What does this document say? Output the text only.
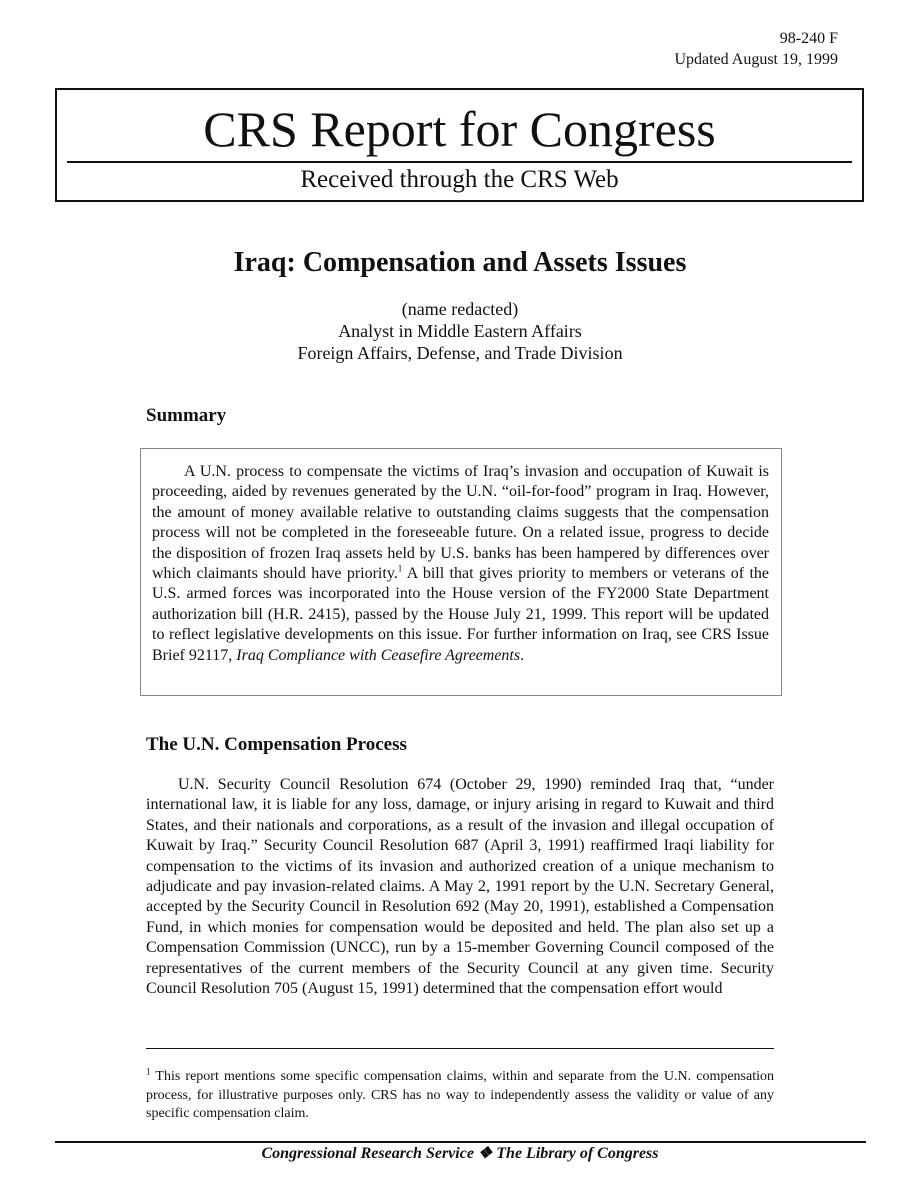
98-240 F
Updated August 19, 1999
CRS Report for Congress
Received through the CRS Web
Iraq: Compensation and Assets Issues
(name redacted)
Analyst in Middle Eastern Affairs
Foreign Affairs, Defense, and Trade Division
Summary

A U.N. process to compensate the victims of Iraq’s invasion and occupation of Kuwait is proceeding, aided by revenues generated by the U.N. “oil-for-food” program in Iraq. However, the amount of money available relative to outstanding claims suggests that the compensation process will not be completed in the foreseeable future. On a related issue, progress to decide the disposition of frozen Iraq assets held by U.S. banks has been hampered by differences over which claimants should have priority.$^1$ A bill that gives priority to members or veterans of the U.S. armed forces was incorporated into the House version of the FY2000 State Department authorization bill (H.R. 2415), passed by the House July 21, 1999. This report will be updated to reflect legislative developments on this issue. For further information on Iraq, see CRS Issue Brief 92117, Iraq Compliance with Ceasefire Agreements.

The U.N. Compensation Process

U.N. Security Council Resolution 674 (October 29, 1990) reminded Iraq that, “under international law, it is liable for any loss, damage, or injury arising in regard to Kuwait and third States, and their nationals and corporations, as a result of the invasion and illegal occupation of Kuwait by Iraq.” Security Council Resolution 687 (April 3, 1991) reaffirmed Iraqi liability for compensation to the victims of its invasion and authorized creation of a unique mechanism to adjudicate and pay invasion-related claims. A May 2, 1991 report by the U.N. Secretary General, accepted by the Security Council in Resolution 692 (May 20, 1991), established a Compensation Fund, in which monies for compensation would be deposited and held. The plan also set up a Compensation Commission (UNCC), run by a 15-member Governing Council composed of the representatives of the current members of the Security Council at any given time. Security Council Resolution 705 (August 15, 1991) determined that the compensation effort would

$^1$ This report mentions some specific compensation claims, within and separate from the U.N. compensation process, for illustrative purposes only. CRS has no way to independently assess the validity or value of any specific compensation claim.
Congressional Research Service ❖ The Library of Congress
